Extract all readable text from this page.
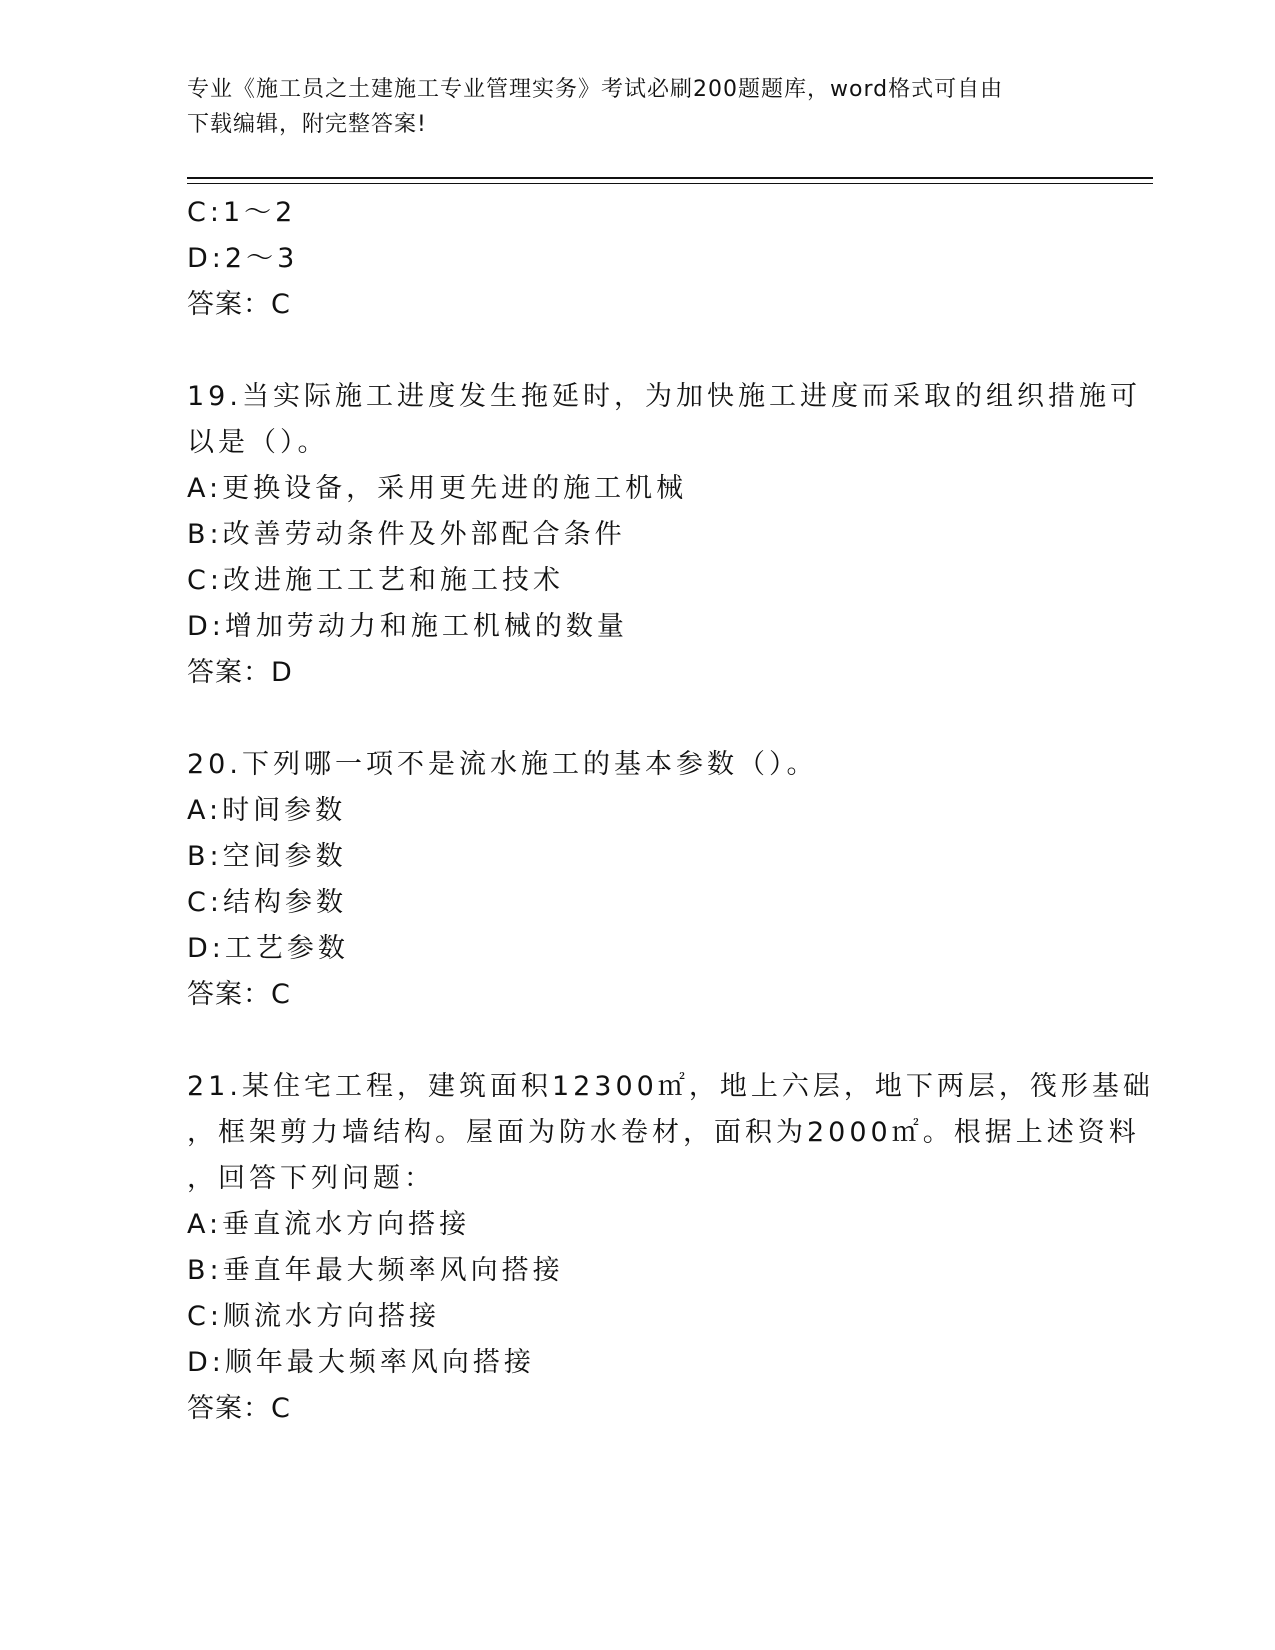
专业《施工员之土建施工专业管理实务》考试必刷200题题库，word格式可自由
下载编辑，附完整答案!
C:1～2
D:2～3
答案：C
19.当实际施工进度发生拖延时，为加快施工进度而采取的组织措施可
以是（）。
A:更换设备，采用更先进的施工机械
B:改善劳动条件及外部配合条件
C:改进施工工艺和施工技术
D:增加劳动力和施工机械的数量
答案：D
20.下列哪一项不是流水施工的基本参数（）。
A:时间参数
B:空间参数
C:结构参数
D:工艺参数
答案：C
21.某住宅工程，建筑面积12300㎡，地上六层，地下两层，筏形基础
，框架剪力墙结构。屋面为防水卷材，面积为2000㎡。根据上述资料
，回答下列问题：
A:垂直流水方向搭接
B:垂直年最大频率风向搭接
C:顺流水方向搭接
D:顺年最大频率风向搭接
答案：C
